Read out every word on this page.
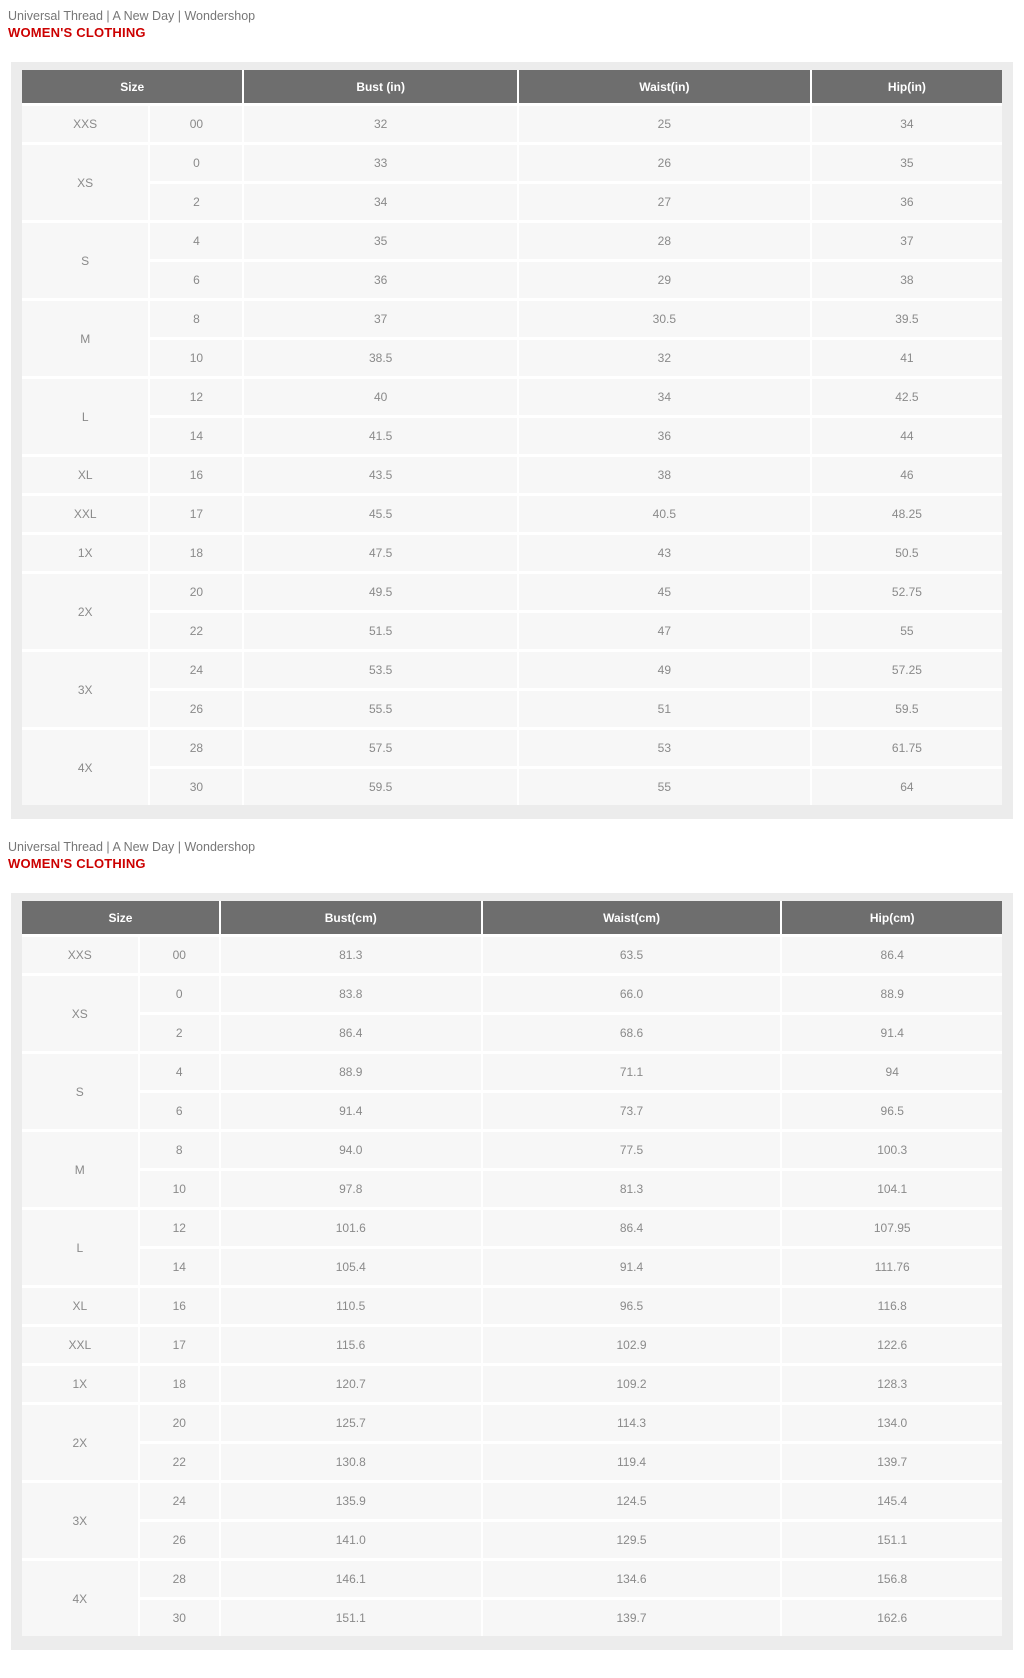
Universal Thread | A New Day | Wondershop
WOMEN'S CLOTHING
Size		Bust (in)	Waist(in)	Hip(in)
XXS	00	32	25	34
XS	0	33	26	35
	2	34	27	36
S	4	35	28	37
	6	36	29	38
M	8	37	30.5	39.5
	10	38.5	32	41
L	12	40	34	42.5
	14	41.5	36	44
XL	16	43.5	38	46
XXL	17	45.5	40.5	48.25
1X	18	47.5	43	50.5
2X	20	49.5	45	52.75
	22	51.5	47	55
3X	24	53.5	49	57.25
	26	55.5	51	59.5
4X	28	57.5	53	61.75
	30	59.5	55	64
Universal Thread | A New Day | Wondershop
WOMEN'S CLOTHING
Size		Bust(cm)	Waist(cm)	Hip(cm)
XXS	00	81.3	63.5	86.4
XS	0	83.8	66.0	88.9
	2	86.4	68.6	91.4
S	4	88.9	71.1	94
	6	91.4	73.7	96.5
M	8	94.0	77.5	100.3
	10	97.8	81.3	104.1
L	12	101.6	86.4	107.95
	14	105.4	91.4	111.76
XL	16	110.5	96.5	116.8
XXL	17	115.6	102.9	122.6
1X	18	120.7	109.2	128.3
2X	20	125.7	114.3	134.0
	22	130.8	119.4	139.7
3X	24	135.9	124.5	145.4
	26	141.0	129.5	151.1
4X	28	146.1	134.6	156.8
	30	151.1	139.7	162.6
